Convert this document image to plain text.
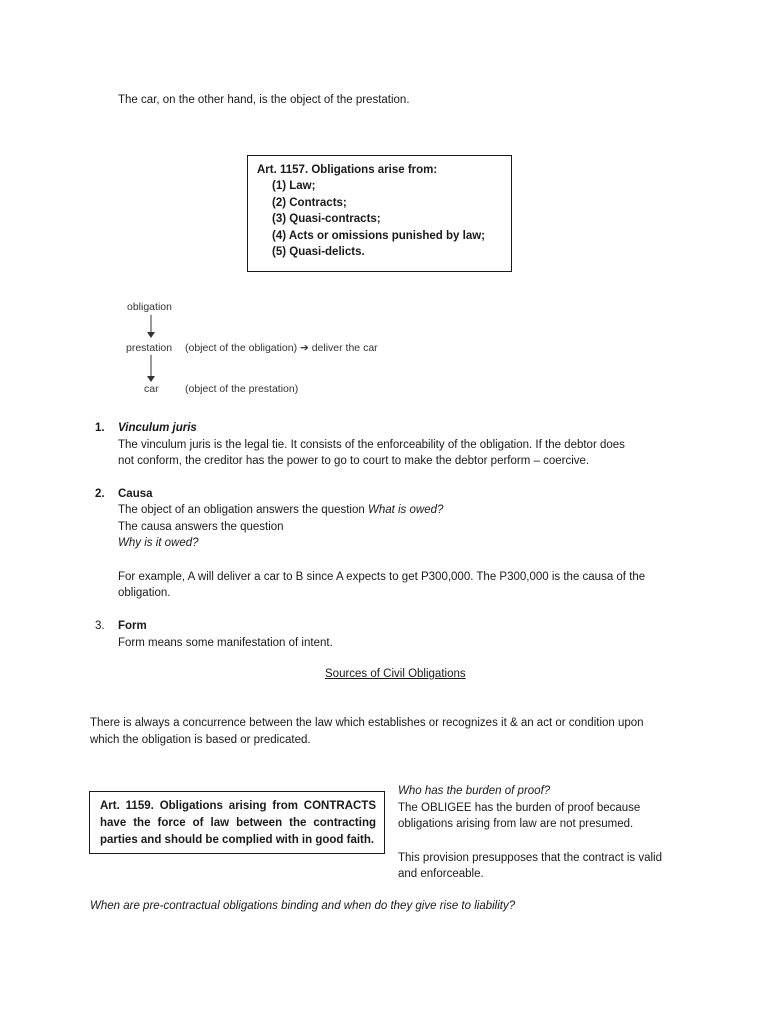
The car, on the other hand, is the object of the prestation.
Art. 1157. Obligations arise from:
(1) Law;
(2) Contracts;
(3) Quasi-contracts;
(4) Acts or omissions punished by law;
(5) Quasi-delicts.
obligation
prestation (object of the obligation) ➔ deliver the car
car	(object of the prestation)
1. Vinculum juris
The vinculum juris is the legal tie. It consists of the enforceability of the obligation. If the debtor does
not conform, the creditor has the power to go to court to make the debtor perform – coercive.
2. Causa
The object of an obligation answers the question What is owed?
The causa answers the question
Why is it owed?
For example, A will deliver a car to B since A expects to get P300,000. The P300,000 is the causa of the
obligation.
3. Form
Form means some manifestation of intent.
Sources of Civil Obligations
There is always a concurrence between the law which establishes or recognizes it & an act or condition upon
which the obligation is based or predicated.
Art. 1159. Obligations arising from CONTRACTS have the force of law between the contracting parties and should be complied with in good faith.
Who has the burden of proof?
The OBLIGEE has the burden of proof because
obligations arising from law are not presumed.
This provision presupposes that the contract is valid
and enforceable.
When are pre-contractual obligations binding and when do they give rise to liability?
